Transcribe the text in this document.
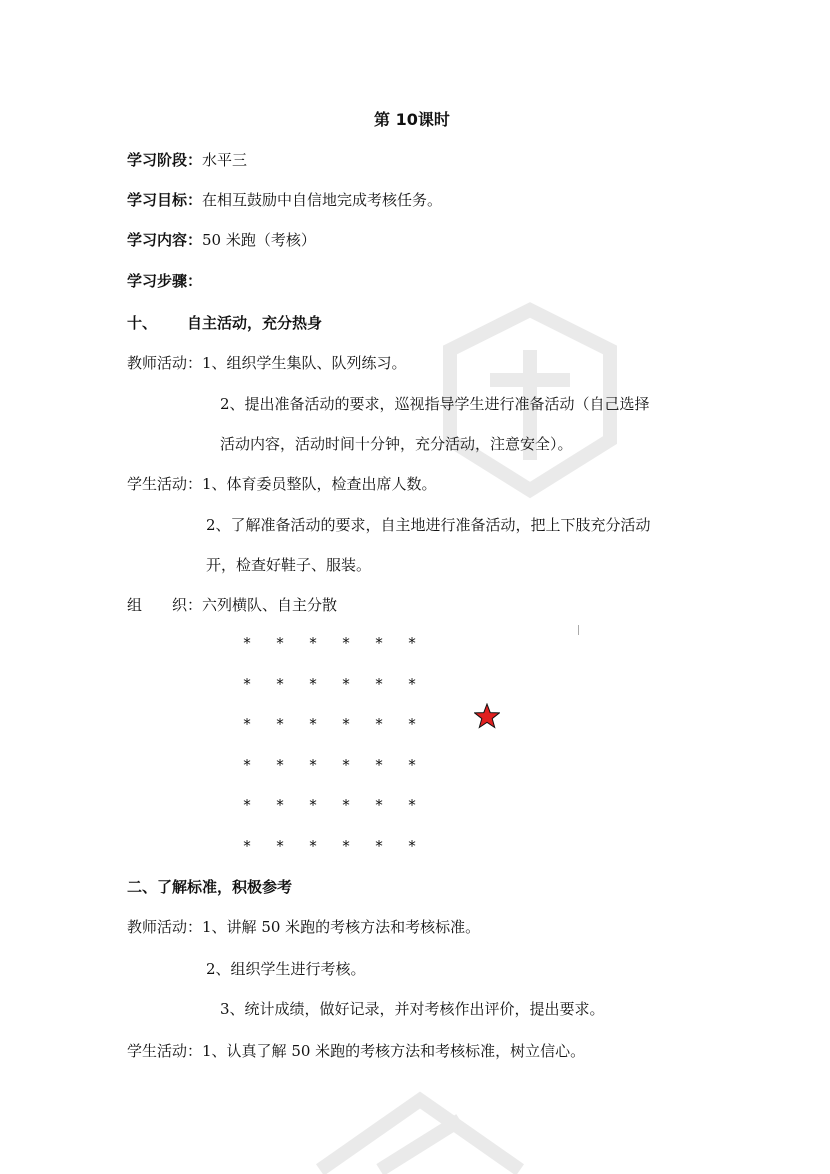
第 10课时
学习阶段：水平三
学习目标：在相互鼓励中自信地完成考核任务。
学习内容：50 米跑（考核）
学习步骤：
十、 自主活动，充分热身
教师活动：1、组织学生集队、队列练习。
2、提出准备活动的要求，巡视指导学生进行准备活动（自己选择
活动内容，活动时间十分钟，充分活动，注意安全）。
学生活动：1、体育委员整队，检查出席人数。
2、了解准备活动的要求，自主地进行准备活动，把上下肢充分活动
开，检查好鞋子、服装。
组　　织：六列横队、自主分散
* * * * * *
* * * * * *
* * * * * *
* * * * * *
* * * * * *
* * * * * *
二、了解标准，积极参考
教师活动：1、讲解 50 米跑的考核方法和考核标准。
2、组织学生进行考核。
3、统计成绩，做好记录，并对考核作出评价，提出要求。
学生活动：1、认真了解 50 米跑的考核方法和考核标准，树立信心。
